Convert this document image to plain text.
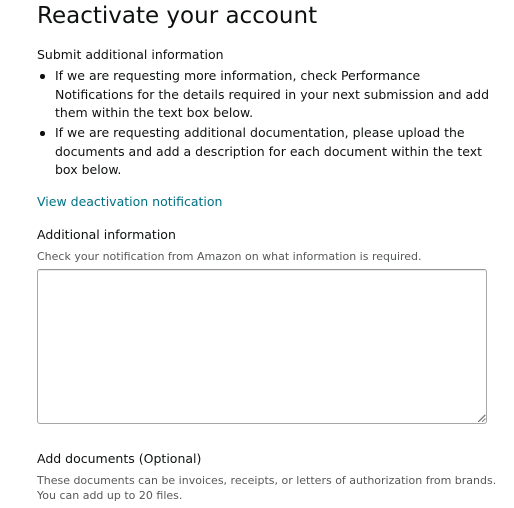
Reactivate your account
Submit additional information
If we are requesting more information, check Performance Notifications for the details required in your next submission and add them within the text box below.
If we are requesting additional documentation, please upload the documents and add a description for each document within the text box below.
View deactivation notification
Additional information
Check your notification from Amazon on what information is required.
Add documents (Optional)
These documents can be invoices, receipts, or letters of authorization from brands. You can add up to 20 files.
